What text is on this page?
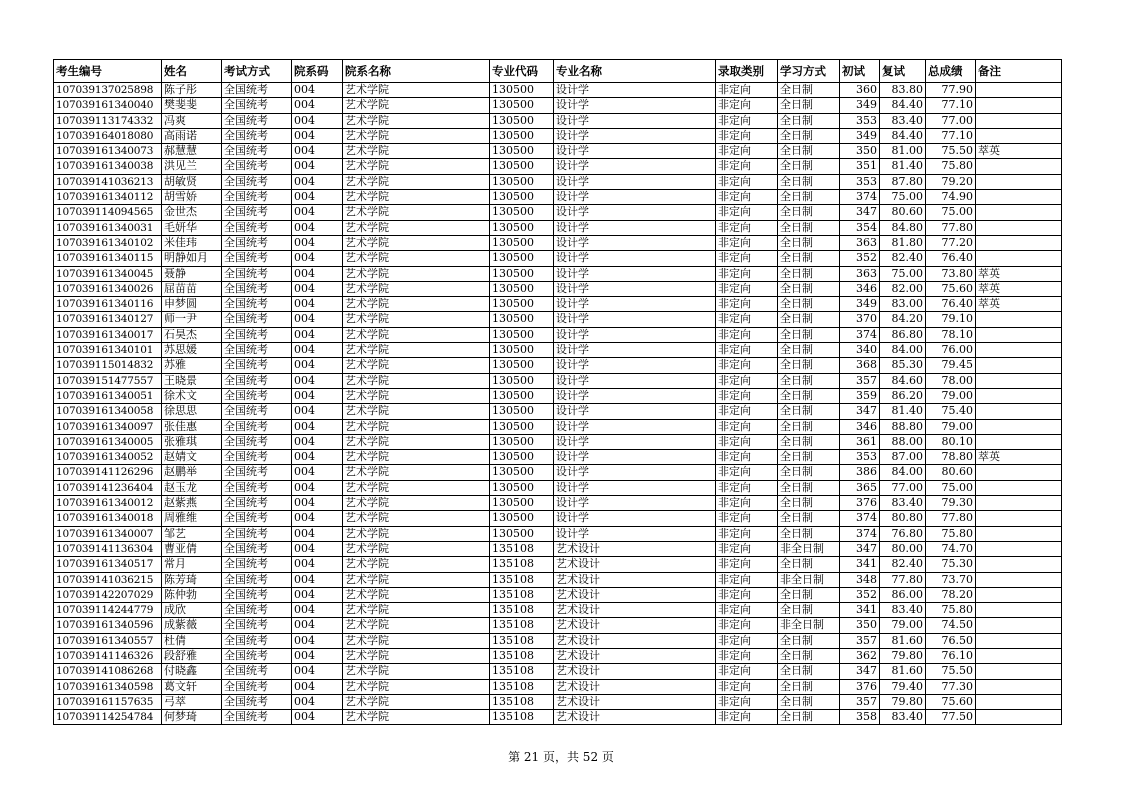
考生编号	姓名	考试方式	院系码	院系名称	专业代码	专业名称	录取类别	学习方式	初试	复试	总成绩	备注
107039137025898	陈子彤	全国统考	004	艺术学院	130500	设计学	非定向	全日制	360	83.80	77.90	
107039161340040	樊斐斐	全国统考	004	艺术学院	130500	设计学	非定向	全日制	349	84.40	77.10	
107039113174332	冯爽	全国统考	004	艺术学院	130500	设计学	非定向	全日制	353	83.40	77.00	
107039164018080	高雨诺	全国统考	004	艺术学院	130500	设计学	非定向	全日制	349	84.40	77.10	
107039161340073	郝慧慧	全国统考	004	艺术学院	130500	设计学	非定向	全日制	350	81.00	75.50	萃英
107039161340038	洪见兰	全国统考	004	艺术学院	130500	设计学	非定向	全日制	351	81.40	75.80	
107039141036213	胡敏贤	全国统考	004	艺术学院	130500	设计学	非定向	全日制	353	87.80	79.20	
107039161340112	胡雪娇	全国统考	004	艺术学院	130500	设计学	非定向	全日制	374	75.00	74.90	
107039114094565	金世杰	全国统考	004	艺术学院	130500	设计学	非定向	全日制	347	80.60	75.00	
107039161340031	毛妍华	全国统考	004	艺术学院	130500	设计学	非定向	全日制	354	84.80	77.80	
107039161340102	米佳玮	全国统考	004	艺术学院	130500	设计学	非定向	全日制	363	81.80	77.20	
107039161340115	明静如月	全国统考	004	艺术学院	130500	设计学	非定向	全日制	352	82.40	76.40	
107039161340045	聂静	全国统考	004	艺术学院	130500	设计学	非定向	全日制	363	75.00	73.80	萃英
107039161340026	屈苗苗	全国统考	004	艺术学院	130500	设计学	非定向	全日制	346	82.00	75.60	萃英
107039161340116	申梦圆	全国统考	004	艺术学院	130500	设计学	非定向	全日制	349	83.00	76.40	萃英
107039161340127	师一尹	全国统考	004	艺术学院	130500	设计学	非定向	全日制	370	84.20	79.10	
107039161340017	石昊杰	全国统考	004	艺术学院	130500	设计学	非定向	全日制	374	86.80	78.10	
107039161340101	苏思媛	全国统考	004	艺术学院	130500	设计学	非定向	全日制	340	84.00	76.00	
107039115014832	苏雅	全国统考	004	艺术学院	130500	设计学	非定向	全日制	368	85.30	79.45	
107039151477557	王晓景	全国统考	004	艺术学院	130500	设计学	非定向	全日制	357	84.60	78.00	
107039161340051	徐术文	全国统考	004	艺术学院	130500	设计学	非定向	全日制	359	86.20	79.00	
107039161340058	徐思思	全国统考	004	艺术学院	130500	设计学	非定向	全日制	347	81.40	75.40	
107039161340097	张佳惠	全国统考	004	艺术学院	130500	设计学	非定向	全日制	346	88.80	79.00	
107039161340005	张雅琪	全国统考	004	艺术学院	130500	设计学	非定向	全日制	361	88.00	80.10	
107039161340052	赵婧文	全国统考	004	艺术学院	130500	设计学	非定向	全日制	353	87.00	78.80	萃英
107039141126296	赵鹏举	全国统考	004	艺术学院	130500	设计学	非定向	全日制	386	84.00	80.60	
107039141236404	赵玉龙	全国统考	004	艺术学院	130500	设计学	非定向	全日制	365	77.00	75.00	
107039161340012	赵紫燕	全国统考	004	艺术学院	130500	设计学	非定向	全日制	376	83.40	79.30	
107039161340018	周雅维	全国统考	004	艺术学院	130500	设计学	非定向	全日制	374	80.80	77.80	
107039161340007	邹艺	全国统考	004	艺术学院	130500	设计学	非定向	全日制	374	76.80	75.80	
107039141136304	曹亚倩	全国统考	004	艺术学院	135108	艺术设计	非定向	非全日制	347	80.00	74.70	
107039161340517	常月	全国统考	004	艺术学院	135108	艺术设计	非定向	全日制	341	82.40	75.30	
107039141036215	陈芳琦	全国统考	004	艺术学院	135108	艺术设计	非定向	非全日制	348	77.80	73.70	
107039142207029	陈仲勃	全国统考	004	艺术学院	135108	艺术设计	非定向	全日制	352	86.00	78.20	
107039114244779	成欣	全国统考	004	艺术学院	135108	艺术设计	非定向	全日制	341	83.40	75.80	
107039161340596	成紫薇	全国统考	004	艺术学院	135108	艺术设计	非定向	非全日制	350	79.00	74.50	
107039161340557	杜倩	全国统考	004	艺术学院	135108	艺术设计	非定向	全日制	357	81.60	76.50	
107039141146326	段舒雅	全国统考	004	艺术学院	135108	艺术设计	非定向	全日制	362	79.80	76.10	
107039141086268	付晓鑫	全国统考	004	艺术学院	135108	艺术设计	非定向	全日制	347	81.60	75.50	
107039161340598	葛文轩	全国统考	004	艺术学院	135108	艺术设计	非定向	全日制	376	79.40	77.30	
107039161157635	弓萃	全国统考	004	艺术学院	135108	艺术设计	非定向	全日制	357	79.80	75.60	
107039114254784	何梦琦	全国统考	004	艺术学院	135108	艺术设计	非定向	全日制	358	83.40	77.50	
第 21 页，共 52 页
